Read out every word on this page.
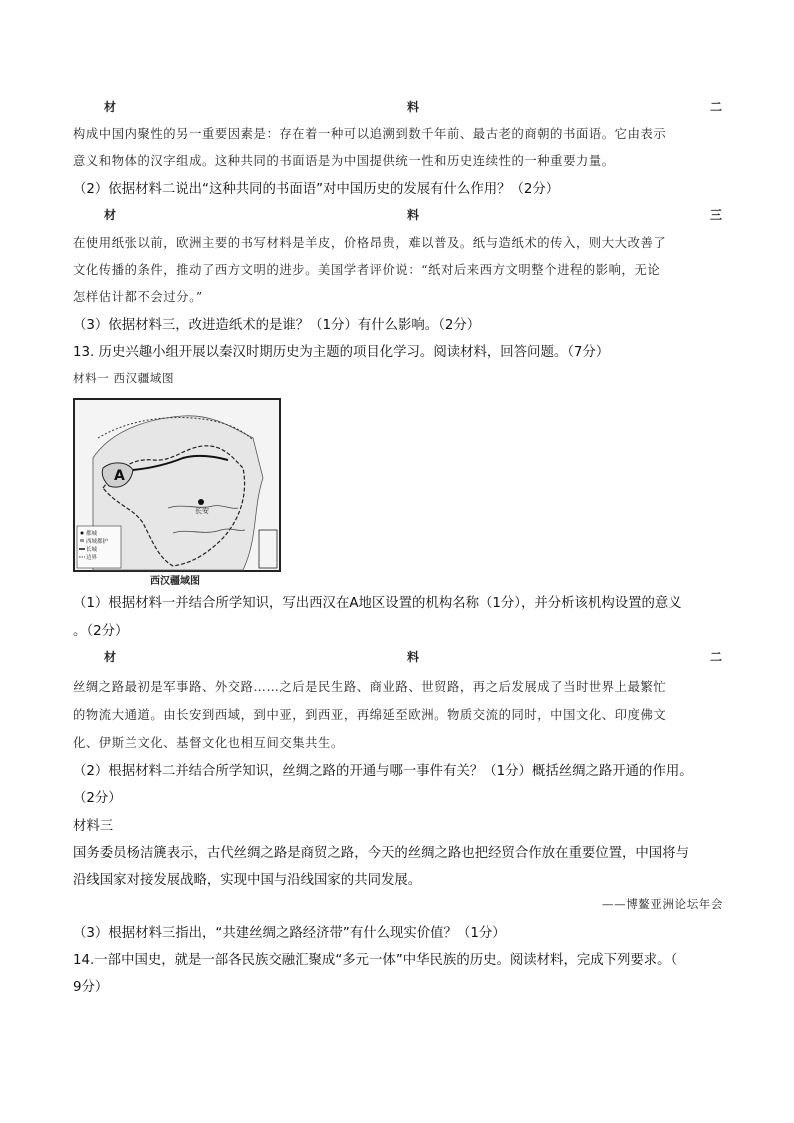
材	料	二
构成中国内聚性的另一重要因素是：存在着一种可以追溯到数千年前、最古老的商朝的书面语。它由表示
意义和物体的汉字组成。这种共同的书面语是为中国提供统一性和历史连续性的一种重要力量。
（2）依据材料二说出“这种共同的书面语”对中国历史的发展有什么作用？（2分）
材	料	三
在使用纸张以前，欧洲主要的书写材料是羊皮，价格昂贵，难以普及。纸与造纸术的传入，则大大改善了
文化传播的条件，推动了西方文明的进步。美国学者评价说：“纸对后来西方文明整个进程的影响，无论
怎样估计都不会过分。”
（3）依据材料三，改进造纸术的是谁？（1分）有什么影响。（2分）
13. 历史兴趣小组开展以秦汉时期历史为主题的项目化学习。阅读材料，回答问题。（7分）
材料一 西汉疆域图
A
长安
都城
西域都护
长城
边界
西汉疆域图
（1）根据材料一并结合所学知识，写出西汉在A地区设置的机构名称（1分），并分析该机构设置的意义
。（2分）
材	料	二
丝绸之路最初是军事路、外交路……之后是民生路、商业路、世贸路，再之后发展成了当时世界上最繁忙
的物流大通道。由长安到西域，到中亚，到西亚，再绵延至欧洲。物质交流的同时，中国文化、印度佛文
化、伊斯兰文化、基督文化也相互间交集共生。
（2）根据材料二并结合所学知识，丝绸之路的开通与哪一事件有关？（1分）概括丝绸之路开通的作用。
（2分）
材料三
国务委员杨洁篪表示，古代丝绸之路是商贸之路，今天的丝绸之路也把经贸合作放在重要位置，中国将与
沿线国家对接发展战略，实现中国与沿线国家的共同发展。
——博鳌亚洲论坛年会
（3）根据材料三指出，“共建丝绸之路经济带”有什么现实价值？（1分）
14.一部中国史，就是一部各民族交融汇聚成“多元一体”中华民族的历史。阅读材料，完成下列要求。（
9分）
